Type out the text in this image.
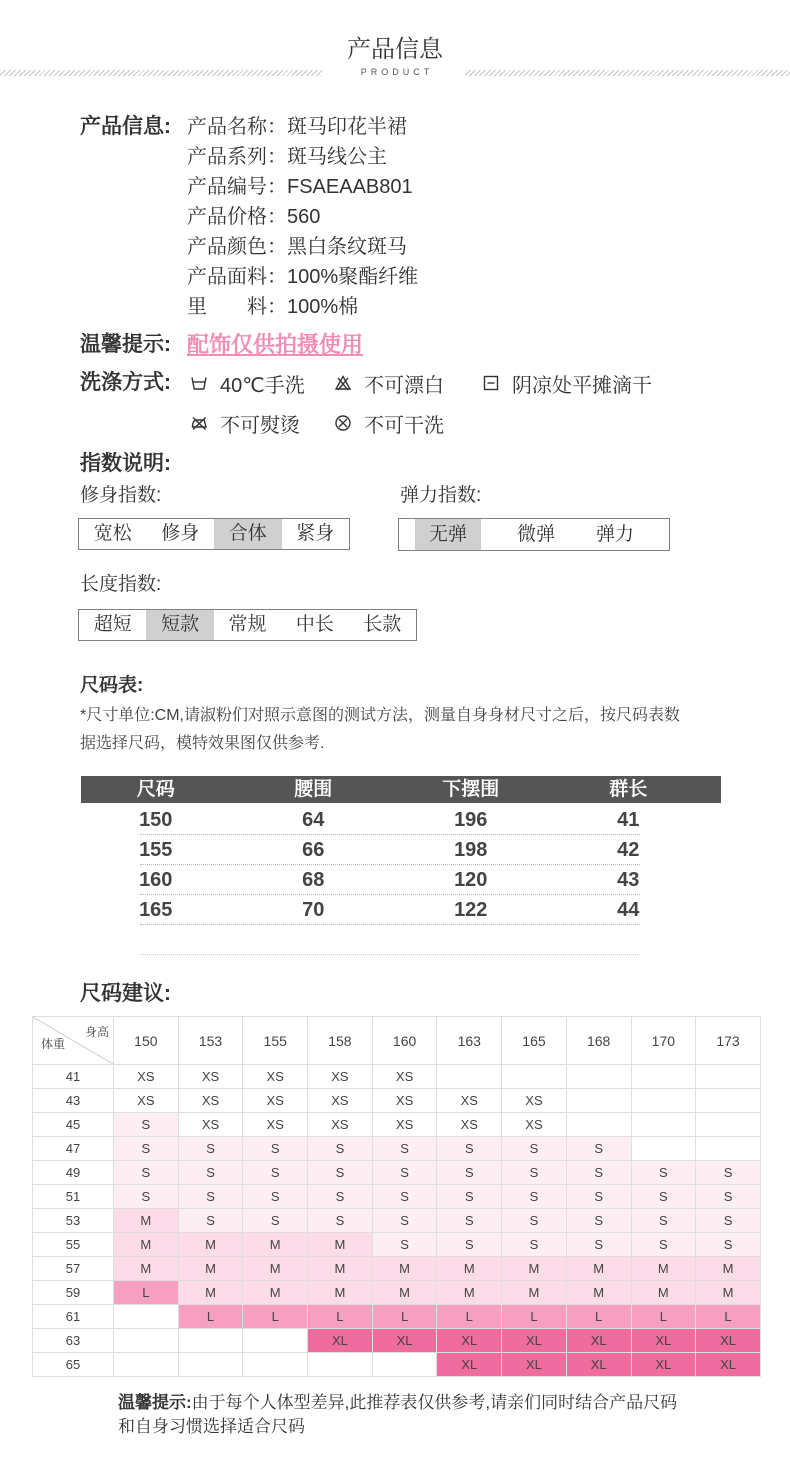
产品信息
PRODUCT
产品信息: 产品名称：斑马印花半裙
产品系列：斑马线公主
产品编号：FSAEAAB801
产品价格：560
产品颜色：黑白条纹斑马
产品面料：100%聚酯纤维
里　　料：100%棉
温馨提示: 配饰仅供拍摄使用
洗涤方式: 40℃手洗	不可漂白	阴凉处平摊滴干
不可熨烫	不可干洗
指数说明:
修身指数:	弹力指数:
宽松	修身	合体	紧身	无弹	微弹	弹力
长度指数:
超短	短款	常规	中长	长款
尺码表:
*尺寸单位:CM,请淑粉们对照示意图的测试方法，测量自身身材尺寸之后，按尺码表数
据选择尺码，模特效果图仅供参考.
尺码	腰围	下摆围	群长
150	64	196	41
155	66	198	42
160	68	120	43
165	70	122	44
尺码建议:
身高
体重	150	153	155	158	160	163	165	168	170	173
41	XS	XS	XS	XS	XS					
43	XS	XS	XS	XS	XS	XS	XS			
45	S	XS	XS	XS	XS	XS	XS			
47	S	S	S	S	S	S	S	S		
49	S	S	S	S	S	S	S	S	S	S
51	S	S	S	S	S	S	S	S	S	S
53	M	S	S	S	S	S	S	S	S	S
55	M	M	M	M	S	S	S	S	S	S
57	M	M	M	M	M	M	M	M	M	M
59	L	M	M	M	M	M	M	M	M	M
61		L	L	L	L	L	L	L	L	L
63				XL	XL	XL	XL	XL	XL	XL
65						XL	XL	XL	XL	XL
温馨提示:由于每个人体型差异,此推荐表仅供参考,请亲们同时结合产品尺码
和自身习惯选择适合尺码
